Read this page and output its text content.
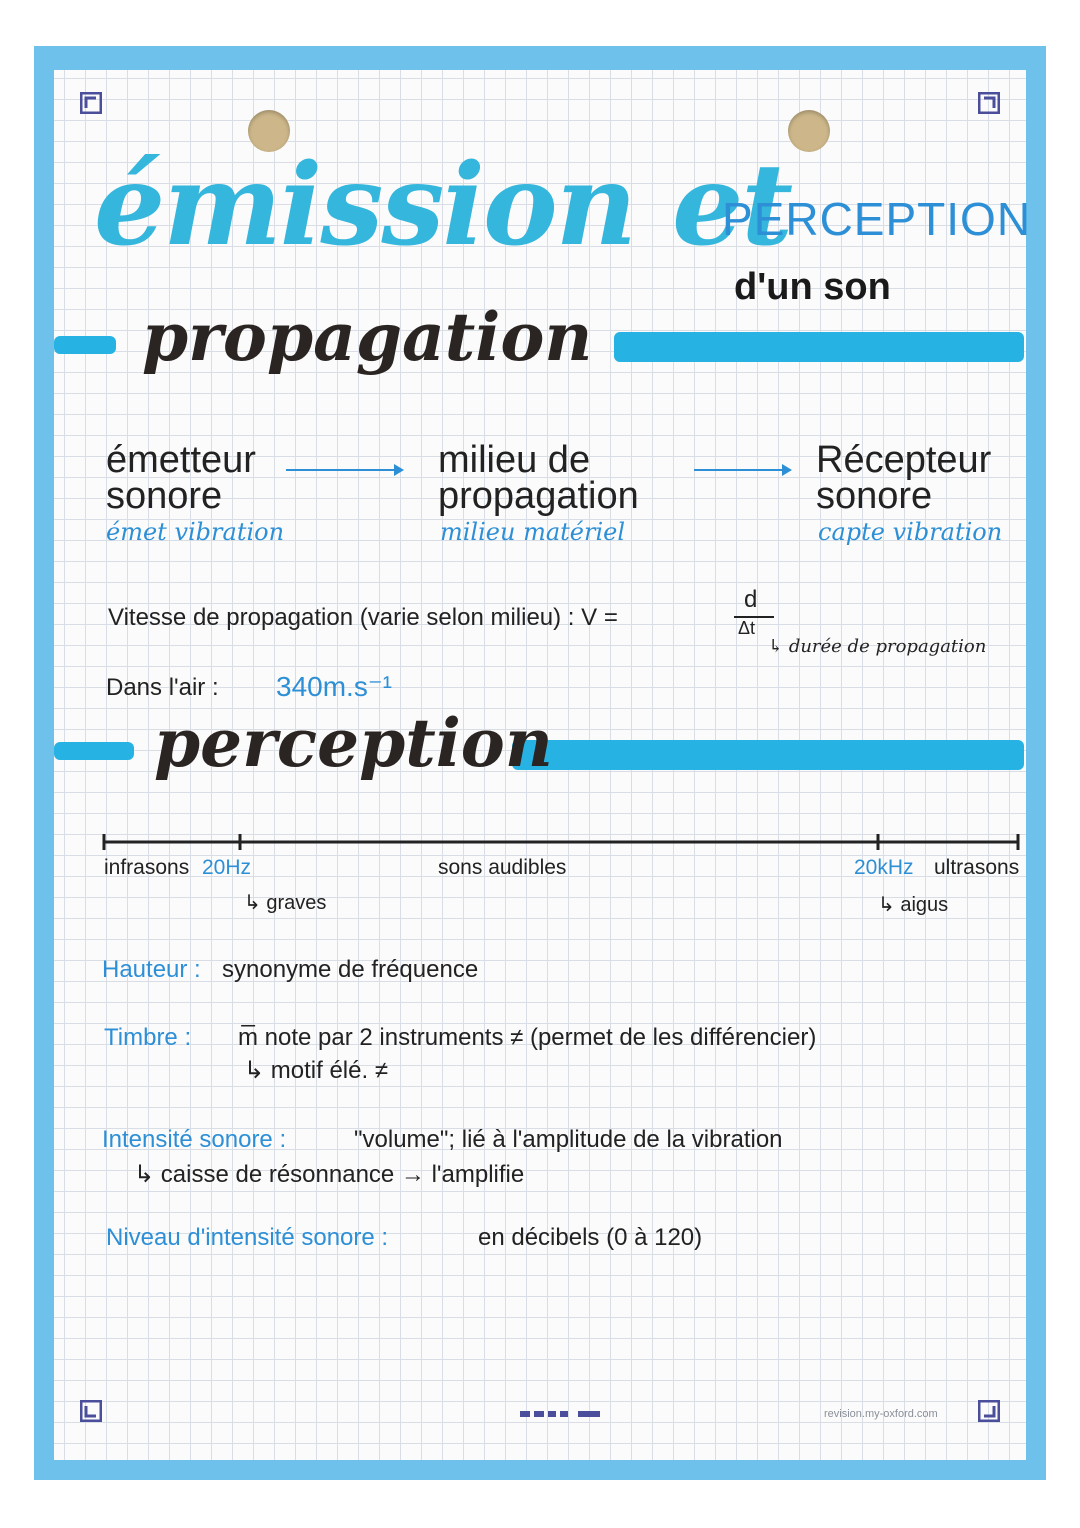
émission et
PERCEPTION
d'un son
propagation
émetteur
sonore
émet vibration
milieu de
propagation
milieu matériel
Récepteur
sonore
capte vibration
Vitesse de propagation (varie selon milieu) : V =
d
Δt
↳ durée de propagation
Dans l'air : 340m.s⁻¹
perception
infrasons 20Hz	sons audibles	20kHz ultrasons
↳ graves	↳ aigus
Hauteur : synonyme de fréquence
Timbre : m̅ note par 2 instruments ≠ (permet de les différencier)
↳ motif élé. ≠
Intensité sonore :	"volume"; lié à l'amplitude de la vibration
↳ caisse de résonnance → l'amplifie
Niveau d'intensité sonore :	en décibels (0 à 120)
revision.my-oxford.com
